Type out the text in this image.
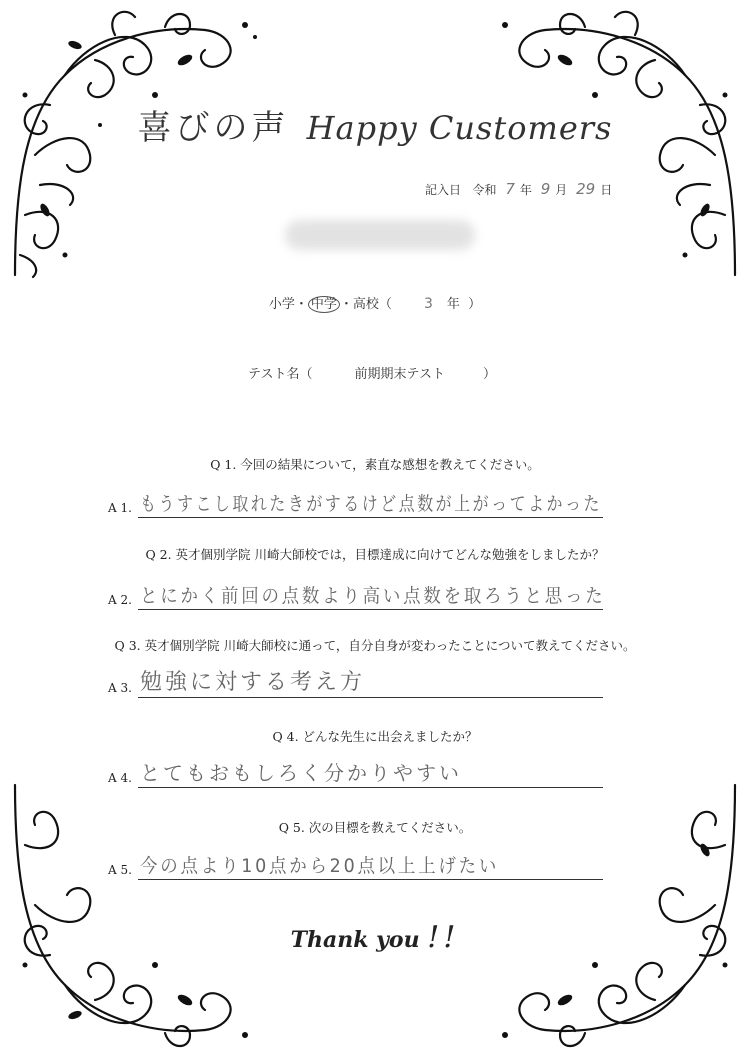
喜びの声 Happy Customers
記入日 令和 7 年 9 月 29 日
小学・ 中学 ・高校（ 3 年 ）
テスト名（	前期期末テスト	）
Q 1. 今回の結果について，素直な感想を教えてください。
A 1. もうすこし取れたきがするけど点数が上がってよかった
Q 2. 英才個別学院 川崎大師校では，目標達成に向けてどんな勉強をしましたか？
A 2. とにかく前回の点数より高い点数を取ろうと思った
Q 3. 英才個別学院 川崎大師校に通って，自分自身が変わったことについて教えてください。
A 3. 勉強に対する考え方
Q 4. どんな先生に出会えましたか？
A 4. とてもおもしろく分かりやすい
Q 5. 次の目標を教えてください。
A 5. 今の点より10点から20点以上上げたい
Thank you !!
